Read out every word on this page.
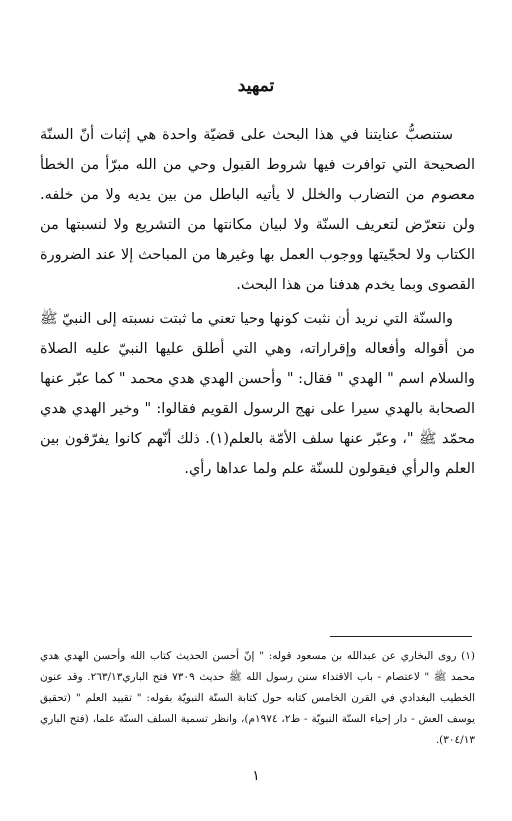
تمهيد

ستنصبُّ عنايتنا في هذا البحث على قضيّة واحدة هي إثبات أنّ السنّة الصحيحة التي توافرت فيها شروط القبول وحي من الله مبرّأ من الخطأ معصوم من التضارب والخلل لا يأتيه الباطل من بين يديه ولا من خلفه. ولن نتعرّض لتعريف السنّة ولا لبيان مكانتها من التشريع ولا لنسبتها من الكتاب ولا لحجّيتها ووجوب العمل بها وغيرها من المباحث إلا عند الضرورة القصوى وبما يخدم هدفنا من هذا البحث.

والسنّة التي نريد أن نثبت كونها وحيا تعني ما ثبتت نسبته إلى النبيّ ﷺ من أقواله وأفعاله وإقراراته، وهي التي أطلق عليها النبيّ عليه الصلاة والسلام اسم " الهدي " فقال: " وأحسن الهدي هدي محمد " كما عبّر عنها الصحابة بالهدي سيرا على نهج الرسول القويم فقالوا: " وخير الهدي هدي محمّد ﷺ "، وعبّر عنها سلف الأمّة بالعلم(١). ذلك أنّهم كانوا يفرّقون بين العلم والرأي فيقولون للسنّة علم ولما عداها رأي.

(١) روى البخاري عن عبدالله بن مسعود قوله: " إنّ أحسن الحديث كتاب الله وأحسن الهدي هدي محمد ﷺ " لاعتصام - باب الاقتداء سنن رسول الله ﷺ حديث ٧٣٠٩ فتح الباري٢٦٣/١٣. وقد عنون الخطيب البغدادي في القرن الخامس كتابه حول كتابة السنّة النبويّة بقوله: " تقييد العلم " (تحقيق يوسف العش - دار إحياء السنّة النبويّة - ط٢، ١٩٧٤م)، وانظر تسمية السلف السنّة علما، (فتح الباري ٣٠٤/١٣).

١
